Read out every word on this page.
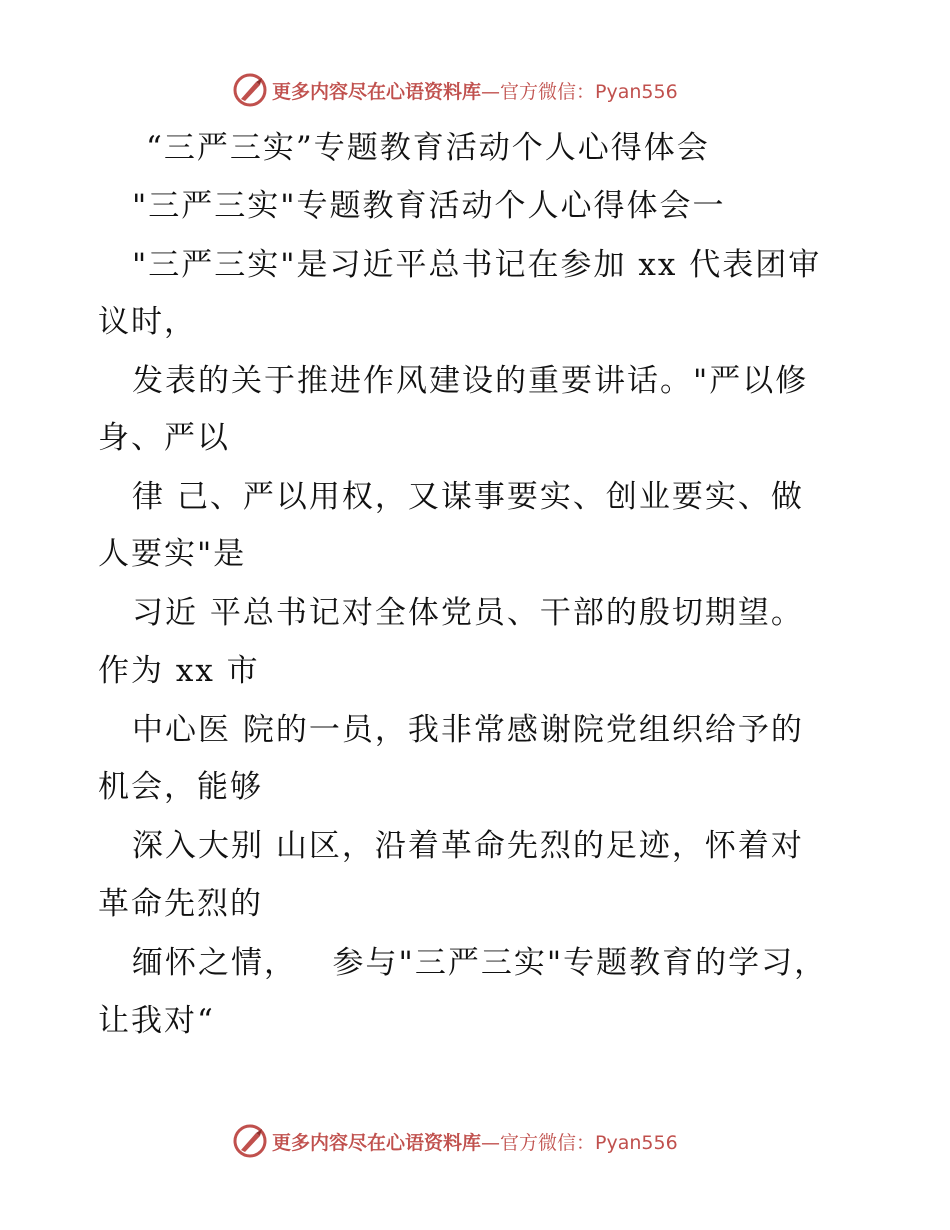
更多内容尽在心语资料库 —官方微信：Pyan556
“三严三实”专题教育活动个人心得体会
"三严三实"专题教育活动个人心得体会一
"三严三实"是习近平总书记在参加 xx 代表团审
议时，
发表的关于推进作风建设的重要讲话。"严以修
身、严以
律 己、严以用权，又谋事要实、创业要实、做
人要实"是
习近 平总书记对全体党员、干部的殷切期望。
作为 xx 市
中心医 院的一员，我非常感谢院党组织给予的
机会，能够
深入大别 山区，沿着革命先烈的足迹，怀着对
革命先烈的
缅怀之情，   参与"三严三实"专题教育的学习，
让我对“
更多内容尽在心语资料库 —官方微信：Pyan556
